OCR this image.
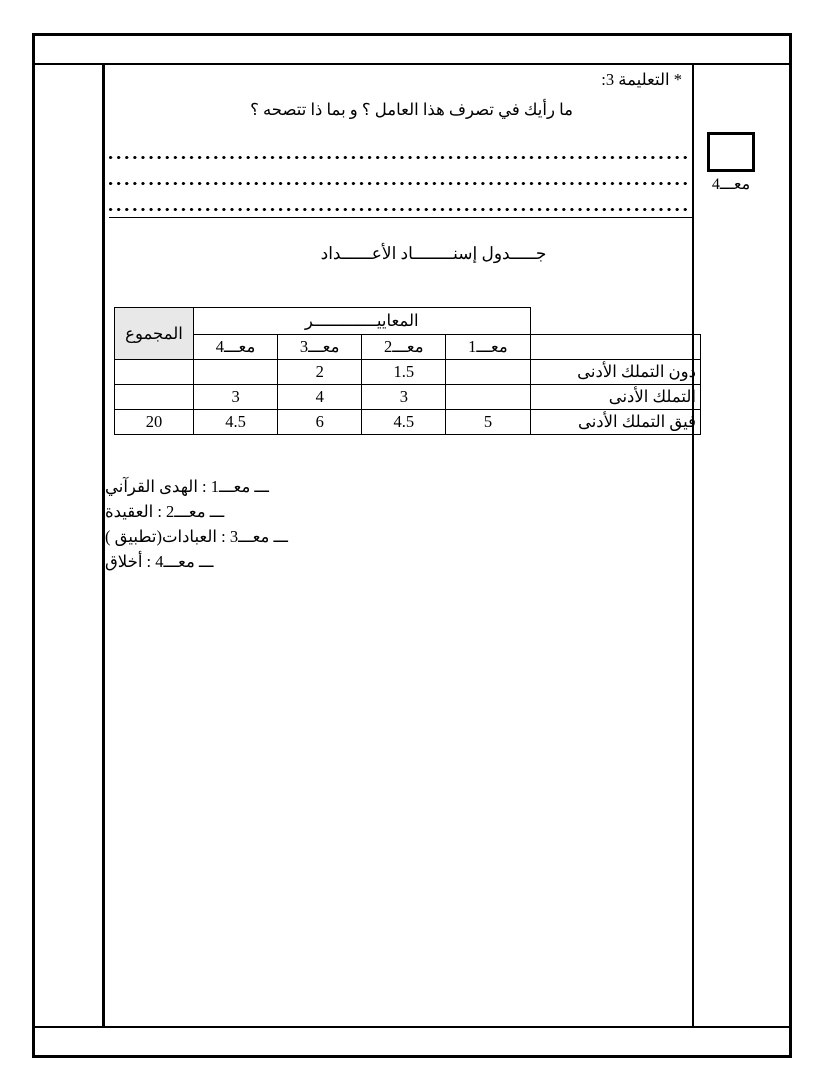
* التعليمة 3:
ما رأيك في تصرف هذا العامل ؟ و بما ذا تتصحه ؟
جـــــدول إسنــــــــاد الأعــــــداد
	المعاييـــــــــــــر				المجموع
	معـــ1	معـــ2	معـــ3	معـــ4	
دون التملك الأدنى		1.5	2		
التملك الأدنى		3	4	3	
فيق التملك الأدنى	5	4.5	6	4.5	20
ـــ معـــ1 : الهدى القرآني
ـــ معـــ2 : العقيدة
ـــ معـــ3 : العبادات(تطبيق )
ـــ معـــ4 : أخلاق
معـــ4
